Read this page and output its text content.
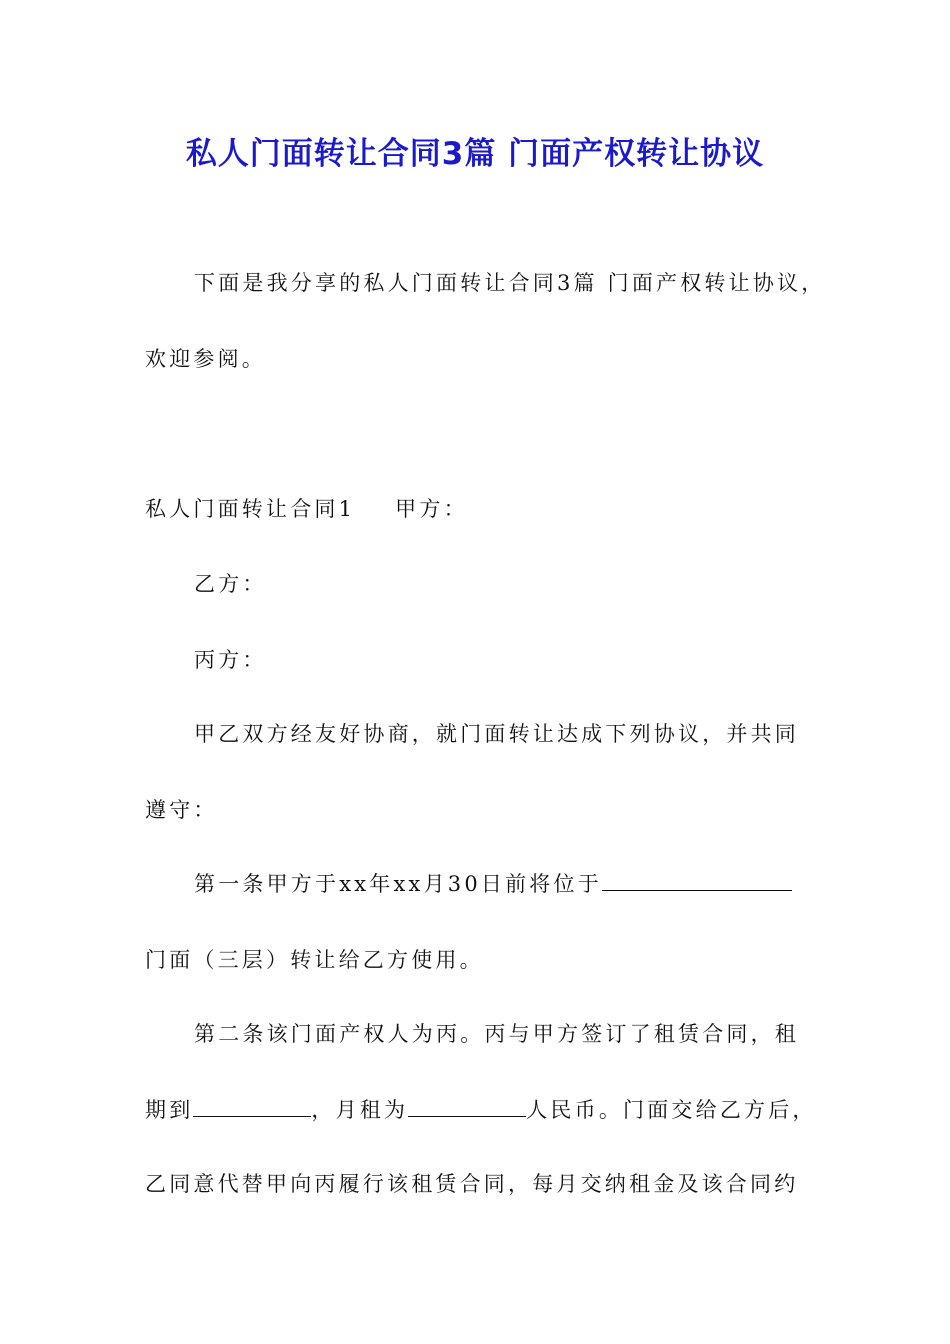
私人门面转让合同3篇 门面产权转让协议

下面是我分享的私人门面转让合同3篇 门面产权转让协议，

欢迎参阅。

私人门面转让合同1 甲方：

乙方：

丙方：

甲乙双方经友好协商，就门面转让达成下列协议，并共同

遵守：

第一条甲方于xx年xx月30日前将位于

门面（三层）转让给乙方使用。

第二条该门面产权人为丙。丙与甲方签订了租赁合同，租

期到	，月租为	人民币。门面交给乙方后，

乙同意代替甲向丙履行该租赁合同，每月交纳租金及该合同约
